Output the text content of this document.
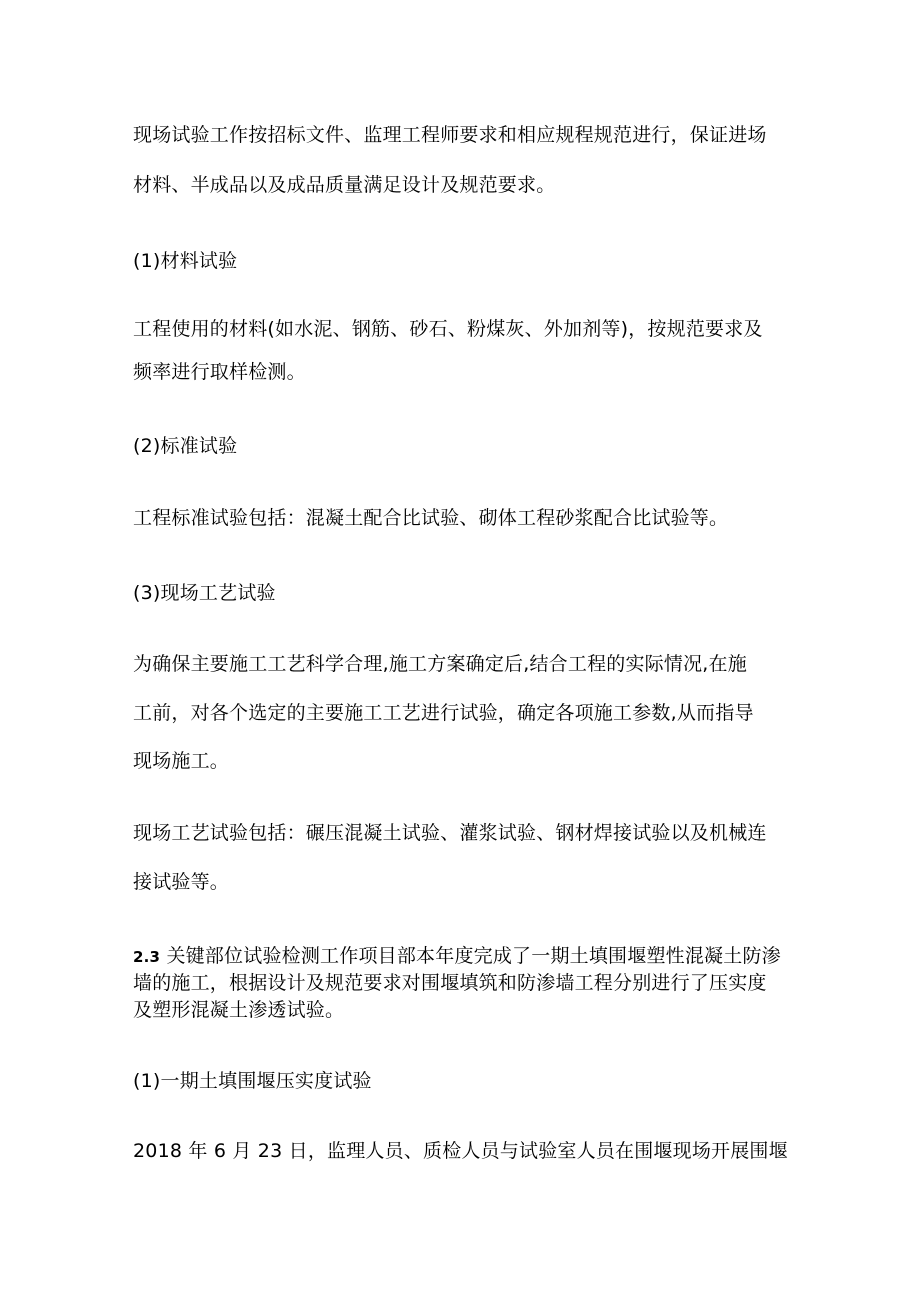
现场试验工作按招标文件、监理工程师要求和相应规程规范进行，保证进场
材料、半成品以及成品质量满足设计及规范要求。
(1)材料试验
工程使用的材料(如水泥、钢筋、砂石、粉煤灰、外加剂等)，按规范要求及
频率进行取样检测。
(2)标准试验
工程标准试验包括：混凝土配合比试验、砌体工程砂浆配合比试验等。
(3)现场工艺试验
为确保主要施工工艺科学合理,施工方案确定后,结合工程的实际情况,在施
工前，对各个选定的主要施工工艺进行试验，确定各项施工参数,从而指导
现场施工。
现场工艺试验包括：碾压混凝土试验、灌浆试验、钢材焊接试验以及机械连
接试验等。
2.3 关键部位试验检测工作项目部本年度完成了一期土填围堰塑性混凝土防渗
墙的施工，根据设计及规范要求对围堰填筑和防渗墙工程分别进行了压实度
及塑形混凝土渗透试验。
(1)一期土填围堰压实度试验
2018 年 6 月 23 日，监理人员、质检人员与试验室人员在围堰现场开展围堰
